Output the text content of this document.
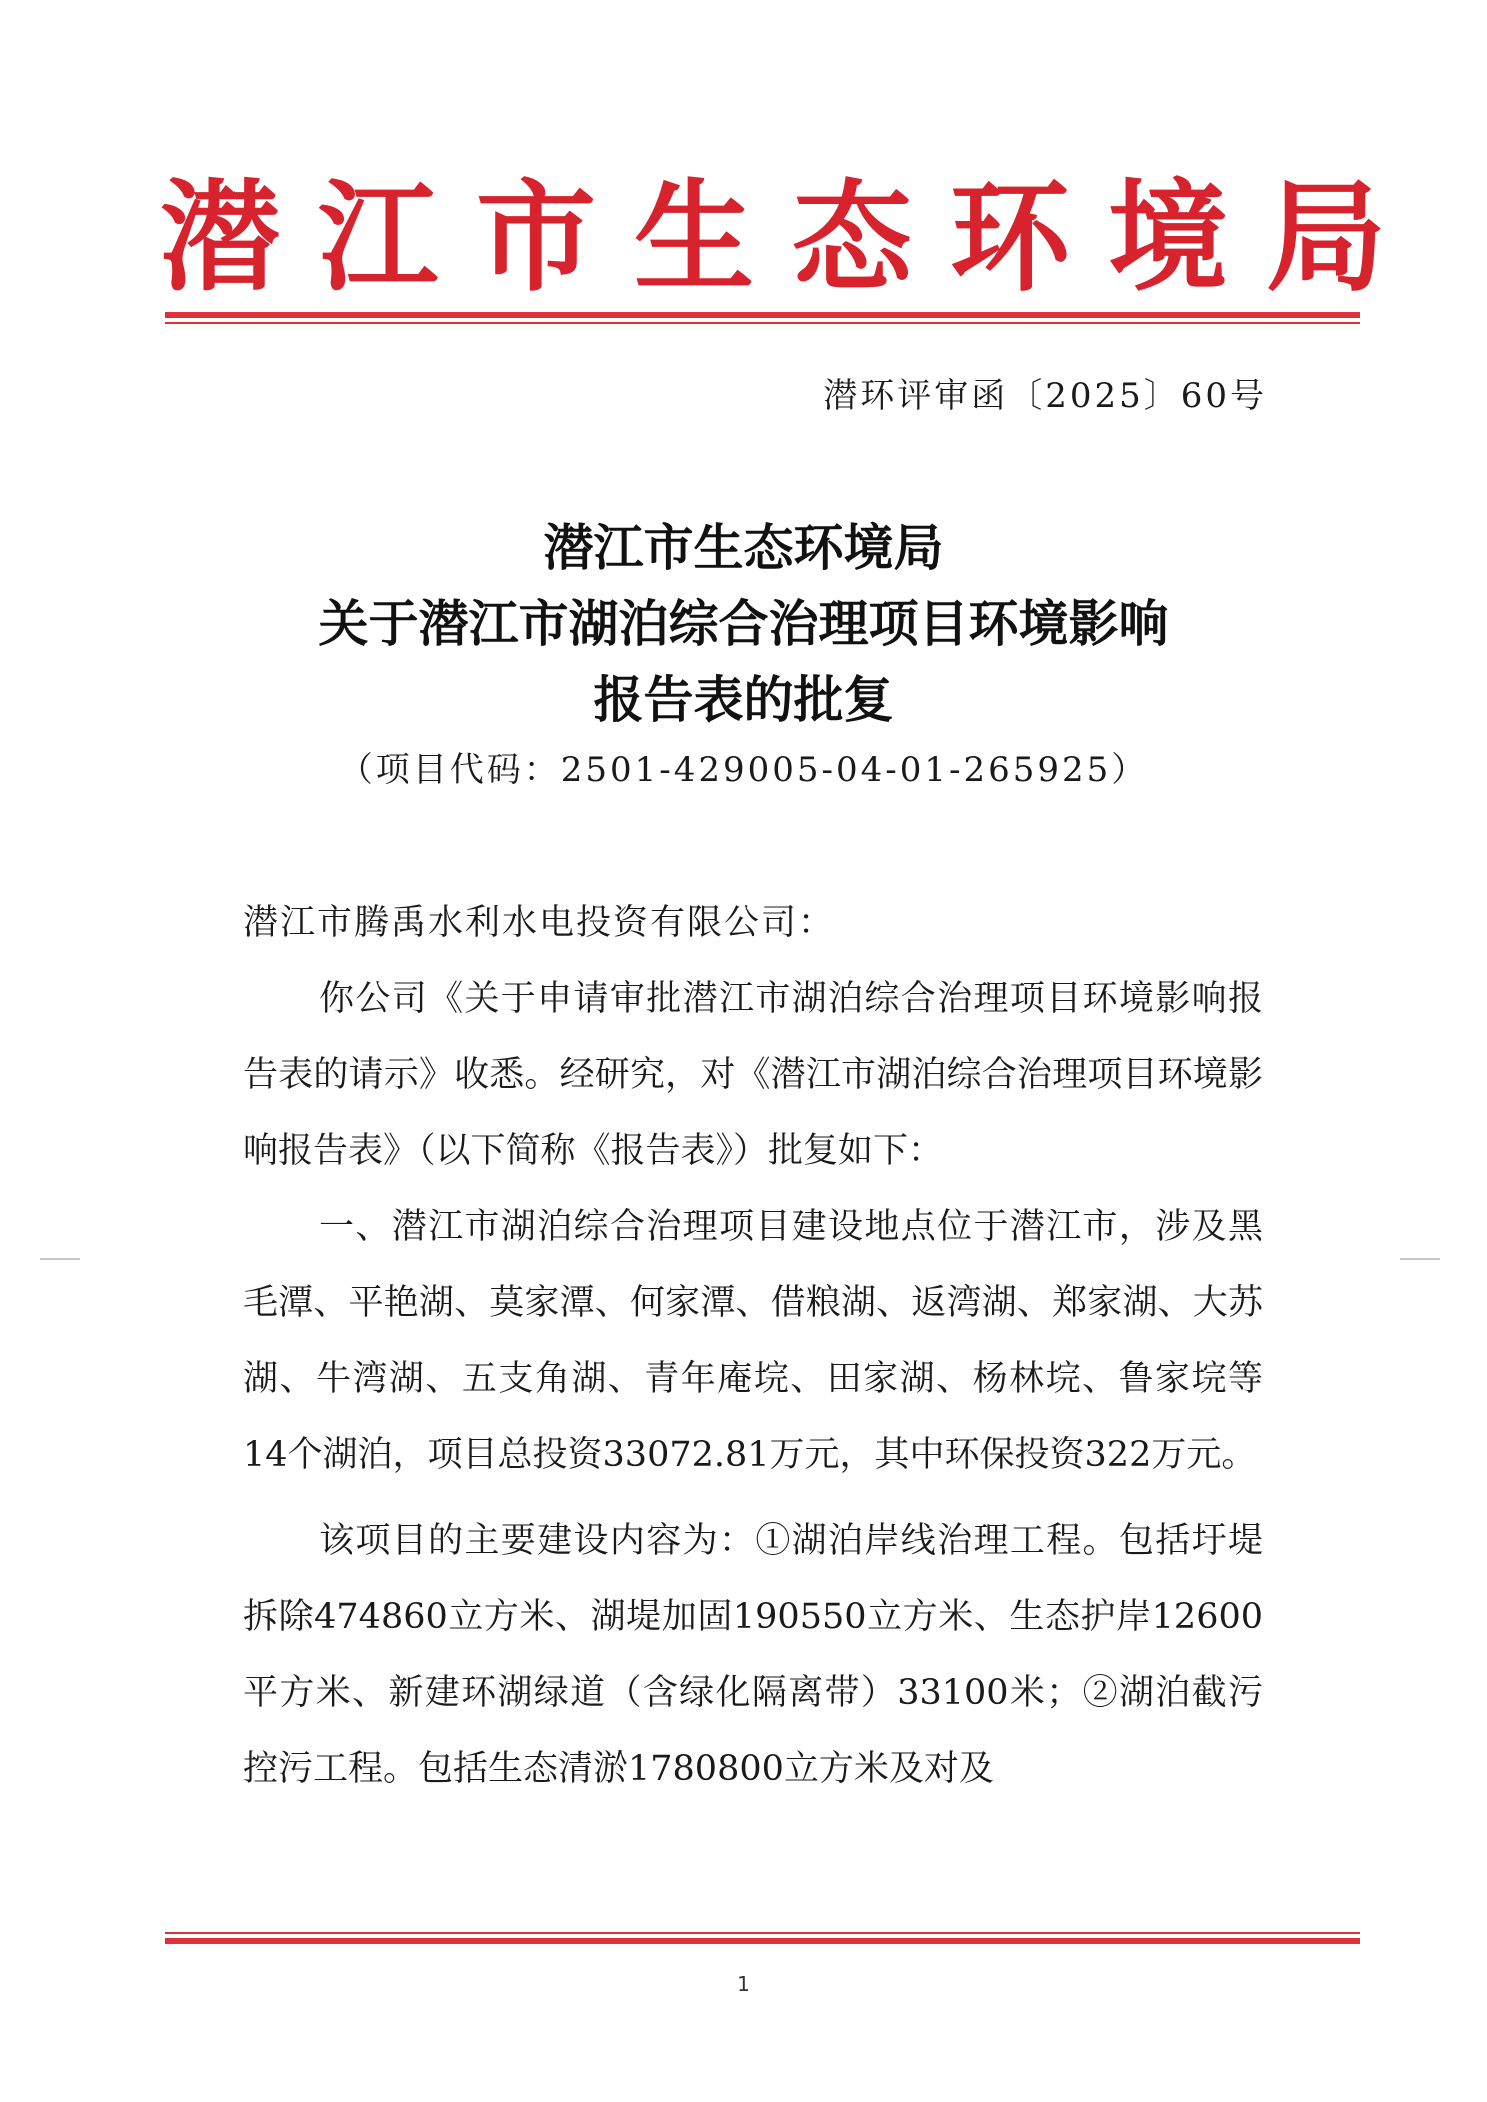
潜江市生态环境局
潜环评审函〔2025〕60号
潜江市生态环境局
关于潜江市湖泊综合治理项目环境影响
报告表的批复
（项目代码：2501-429005-04-01-265925）

潜江市腾禹水利水电投资有限公司：

你公司《关于申请审批潜江市湖泊综合治理项目环境影响报告表的请示》收悉。经研究，对《潜江市湖泊综合治理项目环境影响报告表》（以下简称《报告表》）批复如下：

一、潜江市湖泊综合治理项目建设地点位于潜江市，涉及黑毛潭、平艳湖、莫家潭、何家潭、借粮湖、返湾湖、郑家湖、大苏湖、牛湾湖、五支角湖、青年庵垸、田家湖、杨林垸、鲁家垸等14个湖泊，项目总投资33072.81万元，其中环保投资322万元。

该项目的主要建设内容为：①湖泊岸线治理工程。包括圩堤拆除474860立方米、湖堤加固190550立方米、生态护岸12600平方米、新建环湖绿道（含绿化隔离带）33100米；②湖泊截污控污工程。包括生态清淤1780800立方米及对及

1
